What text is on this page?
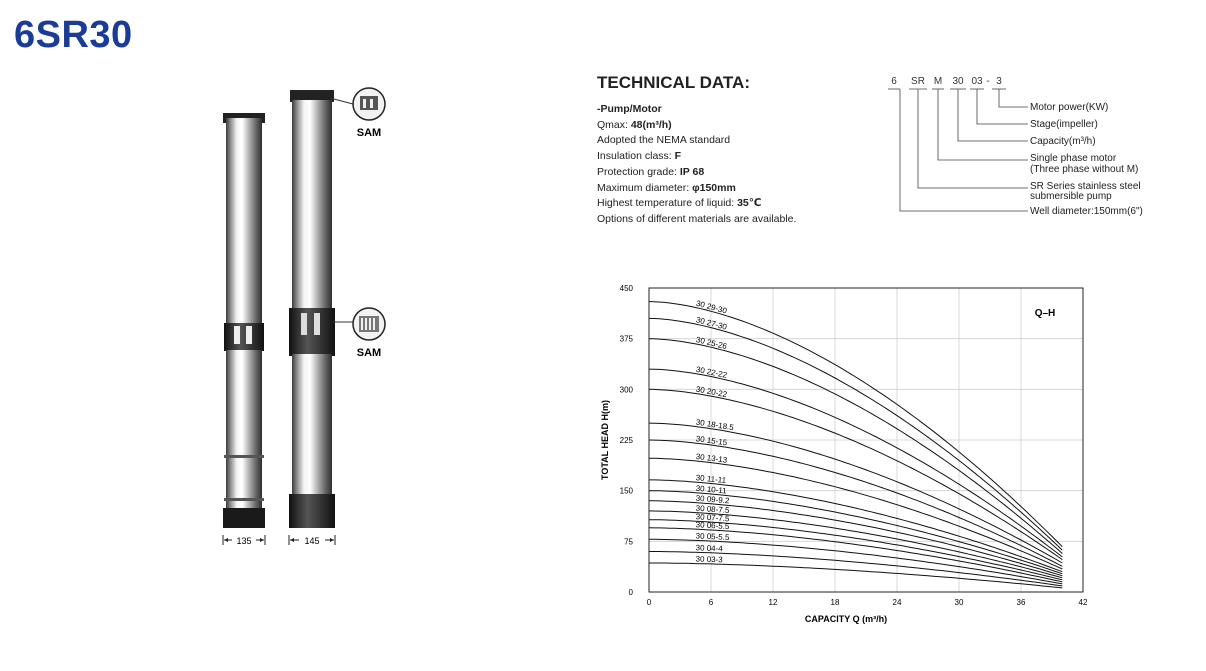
6SR30
SAM
SAM
135	145
TECHNICAL DATA:
-Pump/Motor
Qmax: 48(m³/h)
Adopted the NEMA standard
Insulation class: F
Protection grade: IP 68
Maximum diameter: φ150mm
Highest temperature of liquid: 35℃
Options of different materials are available.
6 SR M 30 03 - 3
Motor power(KW)
Stage(impeller)
Capacity(m³/h)
Single phase motor
(Three phase without M)
SR Series stainless steel
submersible pump
Well diameter:150mm(6")
30 29-30
30 27-30
30 25-26
30 22-22
30 20-22
30 18-18.5
30 15-15
30 13-13
30 11-11
30 10-11
30 09-9.2
30 08-7.5
30 07-7.5
30 06-5.5
30 05-5.5
30 04-4
30 03-3
0	6	12	18	24	30	36	42
0
75
150
225
300
375
450
Q–H
CAPACITY Q (m³/h)
TOTAL HEAD H(m)
